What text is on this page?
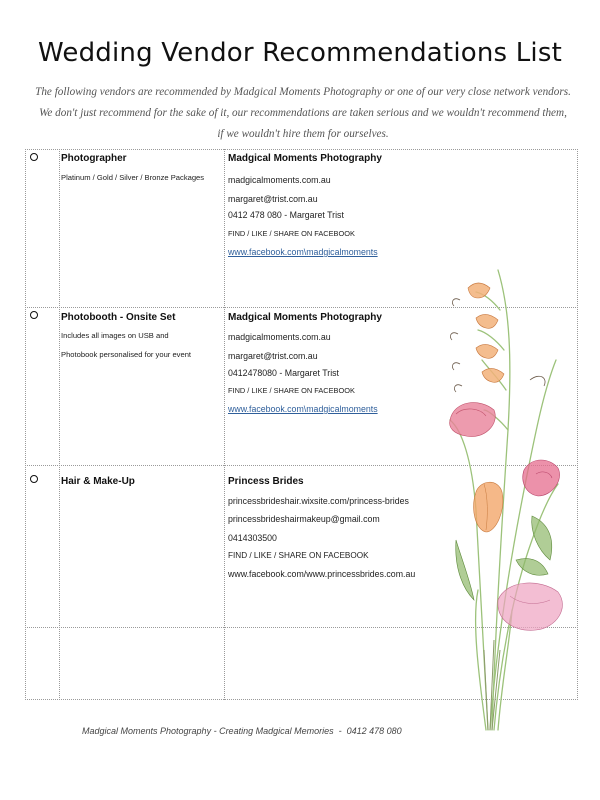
Wedding Vendor Recommendations List
The following vendors are recommended by Madgical Moments Photography or one of our very close network vendors.
We don't just recommend for the sake of it, our recommendations are taken serious and we wouldn't recommend them,
if we wouldn't hire them for ourselves.
Photographer
Platinum / Gold / Silver / Bronze Packages
Madgical Moments Photography
madgicalmoments.com.au
margaret@trist.com.au
0412 478 080 - Margaret Trist
FIND / LIKE / SHARE ON FACEBOOK
www.facebook.com\madgicalmoments
Photobooth - Onsite Set
Includes all images on USB and
Photobook personalised for your event
Madgical Moments Photography
madgicalmoments.com.au
margaret@trist.com.au
0412478080 - Margaret Trist
FIND / LIKE / SHARE ON FACEBOOK
www.facebook.com\madgicalmoments
Hair & Make-Up	Princess Brides
princessbrideshair.wixsite.com/princess-brides
princessbrideshairmakeup@gmail.com
0414303500
FIND / LIKE / SHARE ON FACEBOOK
www.facebook.com/www.princessbrides.com.au
Madgical Moments Photography - Creating Madgical Memories  -  0412 478 080
